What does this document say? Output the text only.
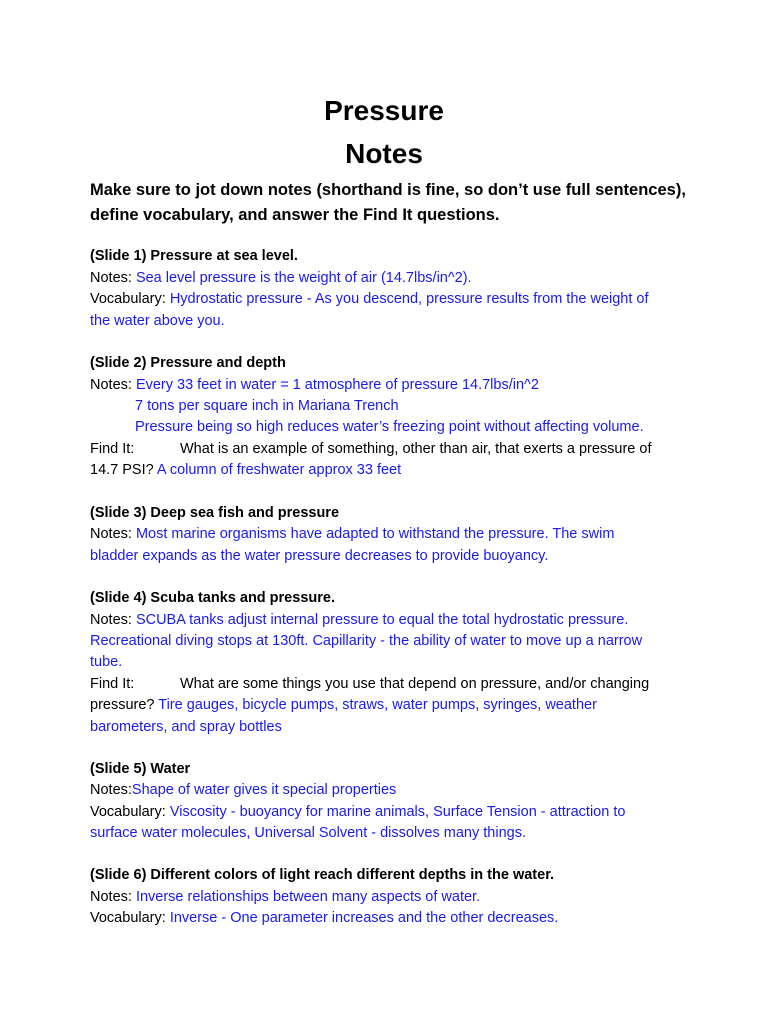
Pressure
Notes

Make sure to jot down notes (shorthand is fine, so don’t use full sentences), define vocabulary, and answer the Find It questions.

(Slide 1) Pressure at sea level.
Notes: Sea level pressure is the weight of air (14.7lbs/in^2).
Vocabulary: Hydrostatic pressure - As you descend, pressure results from the weight of
the water above you.
(Slide 2) Pressure and depth
Notes: Every 33 feet in water = 1 atmosphere of pressure 14.7lbs/in^2
7 tons per square inch in Mariana Trench
Pressure being so high reduces water’s freezing point without affecting volume.
Find It:	What is an example of something, other than air, that exerts a pressure of
14.7 PSI? A column of freshwater approx 33 feet
(Slide 3) Deep sea fish and pressure
Notes: Most marine organisms have adapted to withstand the pressure. The swim
bladder expands as the water pressure decreases to provide buoyancy.
(Slide 4) Scuba tanks and pressure.
Notes: SCUBA tanks adjust internal pressure to equal the total hydrostatic pressure.
Recreational diving stops at 130ft. Capillarity - the ability of water to move up a narrow
tube.
Find It:	What are some things you use that depend on pressure, and/or changing
pressure? Tire gauges, bicycle pumps, straws, water pumps, syringes, weather
barometers, and spray bottles
(Slide 5) Water
Notes:Shape of water gives it special properties
Vocabulary: Viscosity - buoyancy for marine animals, Surface Tension - attraction to
surface water molecules, Universal Solvent - dissolves many things.
(Slide 6) Different colors of light reach different depths in the water.
Notes: Inverse relationships between many aspects of water.
Vocabulary: Inverse - One parameter increases and the other decreases.
